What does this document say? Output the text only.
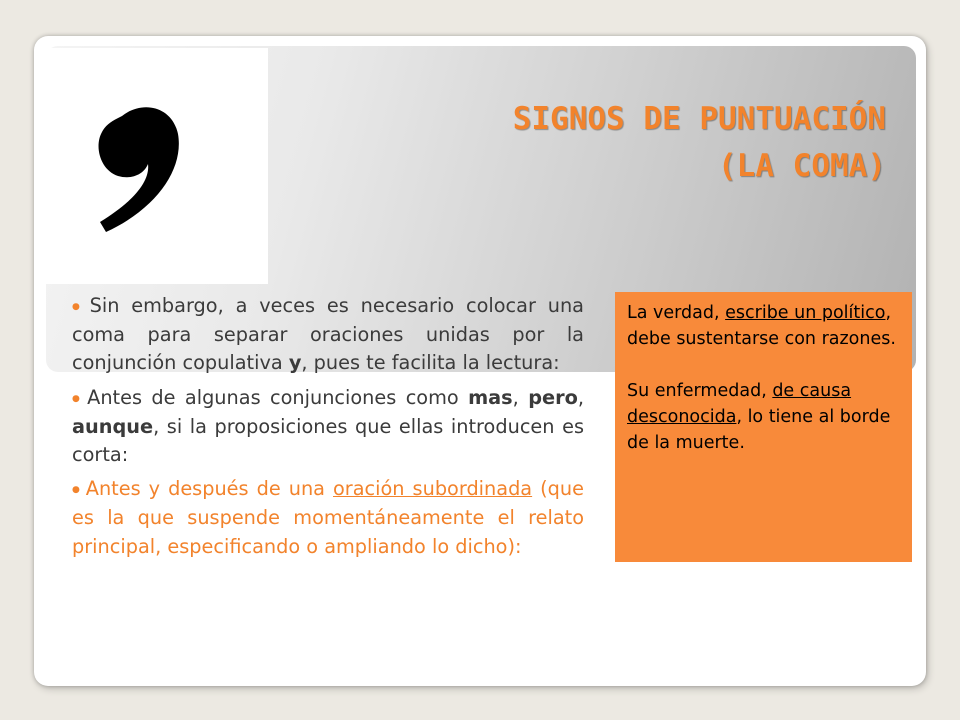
SIGNOS DE PUNTUACIÓN
(LA COMA)

● Sin embargo, a veces es necesario colocar una coma para separar oraciones unidas por la conjunción copulativa y, pues te facilita la lectura:

● Antes de algunas conjunciones como mas, pero, aunque, si la proposiciones que ellas introducen es corta:

● Antes y después de una oración subordinada (que es la que suspende momentáneamente el relato principal, especificando o ampliando lo dicho):

La verdad, escribe un político, debe sustentarse con razones.

Su enfermedad, de causa desconocida, lo tiene al borde de la muerte.
